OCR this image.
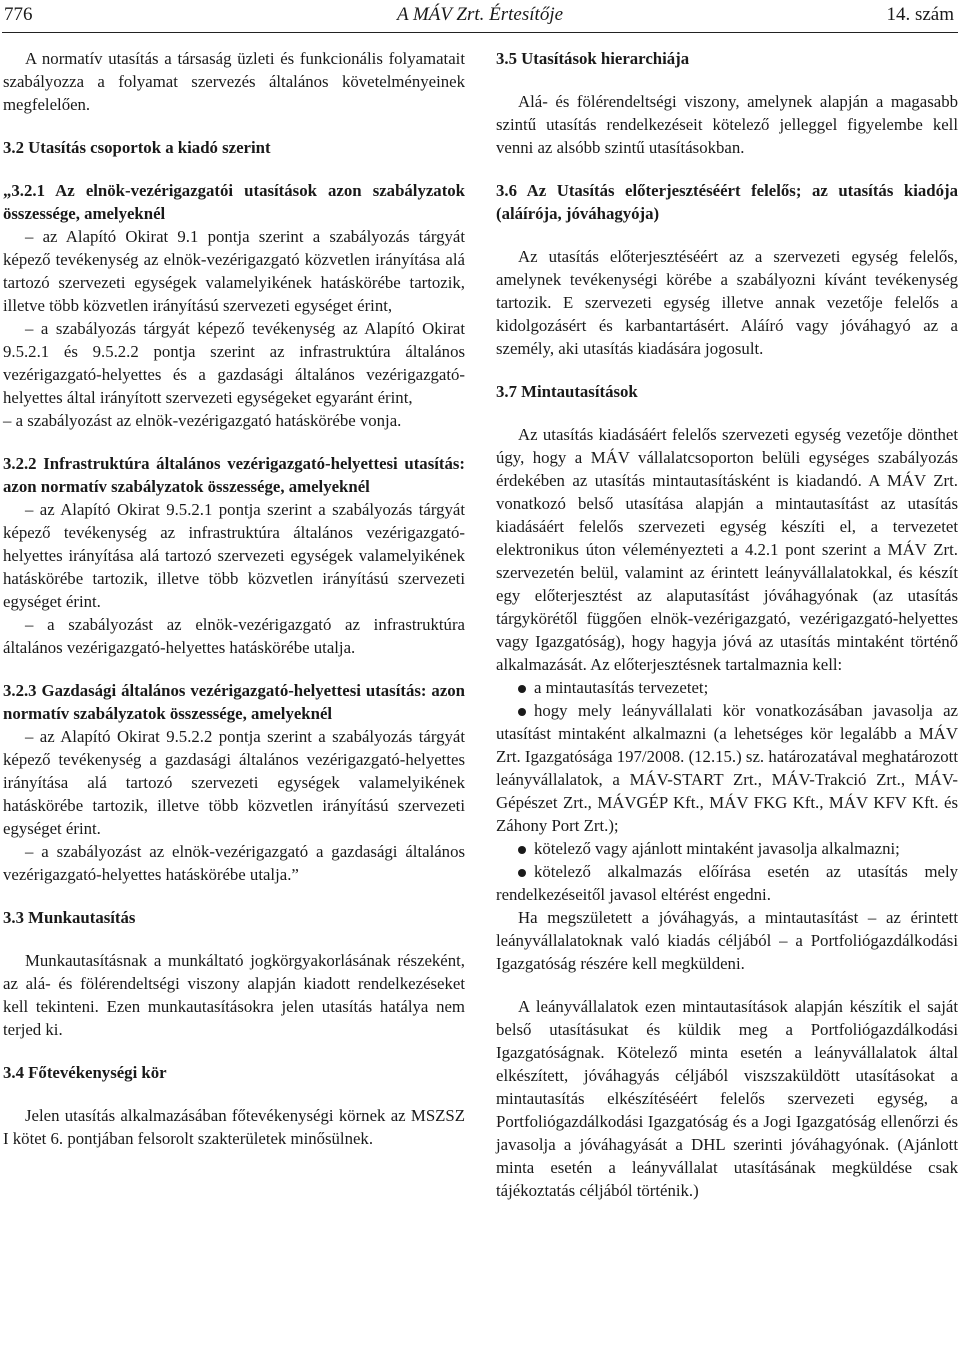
776	A MÁV Zrt. Értesítője	14. szám

A normatív utasítás a társaság üzleti és funkcionális folyamatait szabályozza a folyamat szervezés általános követelményeinek megfelelően.

3.2 Utasítás csoportok a kiadó szerint
„3.2.1 Az elnök-vezérigazgatói utasítások azon szabályzatok összessége, amelyeknél

– az Alapító Okirat 9.1 pontja szerint a szabályozás tárgyát képező tevékenység az elnök-vezérigazgató közvetlen irányítása alá tartozó szervezeti egységek valamelyikének hatáskörébe tartozik, illetve több közvetlen irányítású szervezeti egységet érint,

– a szabályozás tárgyát képező tevékenység az Alapító Okirat 9.5.2.1 és 9.5.2.2 pontja szerint az infrastruktúra általános vezérigazgató-helyettes és a gazdasági általános vezérigazgató-helyettes által irányított szervezeti egységeket egyaránt érint,

– a szabályozást az elnök-vezérigazgató hatáskörébe vonja.

3.2.2 Infrastruktúra általános vezérigazgató-helyettesi utasítás: azon normatív szabályzatok összessége, amelyeknél

– az Alapító Okirat 9.5.2.1 pontja szerint a szabályozás tárgyát képező tevékenység az infrastruktúra általános vezérigazgató-helyettes irányítása alá tartozó szervezeti egységek valamelyikének hatáskörébe tartozik, illetve több közvetlen irányítású szervezeti egységet érint.

– a szabályozást az elnök-vezérigazgató az infrastruktúra általános vezérigazgató-helyettes hatáskörébe utalja.

3.2.3 Gazdasági általános vezérigazgató-helyettesi utasítás: azon normatív szabályzatok összessége, amelyeknél

– az Alapító Okirat 9.5.2.2 pontja szerint a szabályozás tárgyát képező tevékenység a gazdasági általános vezérigazgató-helyettes irányítása alá tartozó szervezeti egységek valamelyikének hatáskörébe tartozik, illetve több közvetlen irányítású szervezeti egységet érint.

– a szabályozást az elnök-vezérigazgató a gazdasági általános vezérigazgató-helyettes hatáskörébe utalja.”

3.3 Munkautasítás

Munkautasításnak a munkáltató jogkörgyakorlásának részeként, az alá- és fölérendeltségi viszony alapján kiadott rendelkezéseket kell tekinteni. Ezen munkautasításokra jelen utasítás hatálya nem terjed ki.

3.4 Főtevékenységi kör

Jelen utasítás alkalmazásában főtevékenységi körnek az MSZSZ I kötet 6. pontjában felsorolt szakterületek minősülnek.

3.5 Utasítások hierarchiája

Alá- és fölérendeltségi viszony, amelynek alapján a magasabb szintű utasítás rendelkezéseit kötelező jelleggel figyelembe kell venni az alsóbb szintű utasításokban.

3.6 Az Utasítás előterjesztéséért felelős; az utasítás kiadója (aláírója, jóváhagyója)

Az utasítás előterjesztéséért az a szervezeti egység felelős, amelynek tevékenységi körébe a szabályozni kívánt tevékenység tartozik. E szervezeti egység illetve annak vezetője felelős a kidolgozásért és karbantartásért. Aláíró vagy jóváhagyó az a személy, aki utasítás kiadására jogosult.

3.7 Mintautasítások

Az utasítás kiadásáért felelős szervezeti egység vezetője dönthet úgy, hogy a MÁV vállalatcsoporton belüli egységes szabályozás érdekében az utasítás mintautasításként is kiadandó. A MÁV Zrt. vonatkozó belső utasítása alapján a mintautasítást az utasítás kiadásáért felelős szervezeti egység készíti el, a tervezetet elektronikus úton véleményezteti a 4.2.1 pont szerint a MÁV Zrt. szervezetén belül, valamint az érintett leányvállalatokkal, és készít egy előterjesztést az alaputasítást jóváhagyónak (az utasítás tárgykörétől függően elnök-vezérigazgató, vezérigazgató-helyettes vagy Igazgatóság), hogy hagyja jóvá az utasítás mintaként történő alkalmazását. Az előterjesztésnek tartalmaznia kell:

a mintautasítás tervezetet;

hogy mely leányvállalati kör vonatkozásában javasolja az utasítást mintaként alkalmazni (a lehetséges kör legalább a MÁV Zrt. Igazgatósága 197/2008. (12.15.) sz. határozatával meghatározott leányvállalatok, a MÁV-START Zrt., MÁV-Trakció Zrt., MÁV-Gépészet Zrt., MÁVGÉP Kft., MÁV FKG Kft., MÁV KFV Kft. és Záhony Port Zrt.);

kötelező vagy ajánlott mintaként javasolja alkalmazni;

kötelező alkalmazás előírása esetén az utasítás mely rendelkezéseitől javasol eltérést engedni.

Ha megszületett a jóváhagyás, a mintautasítást – az érintett leányvállalatoknak való kiadás céljából – a Portfoliógazdálkodási Igazgatóság részére kell megküldeni.

A leányvállalatok ezen mintautasítások alapján készítik el saját belső utasításukat és küldik meg a Portfoliógazdálkodási Igazgatóságnak. Kötelező minta esetén a leányvállalatok által elkészített, jóváhagyás céljából viszszaküldött utasításokat a mintautasítás elkészítéséért felelős szervezeti egység, a Portfoliógazdálkodási Igazgatóság és a Jogi Igazgatóság ellenőrzi és javasolja a jóváhagyását a DHL szerinti jóváhagyónak. (Ajánlott minta esetén a leányvállalat utasításának megküldése csak tájékoztatás céljából történik.)
